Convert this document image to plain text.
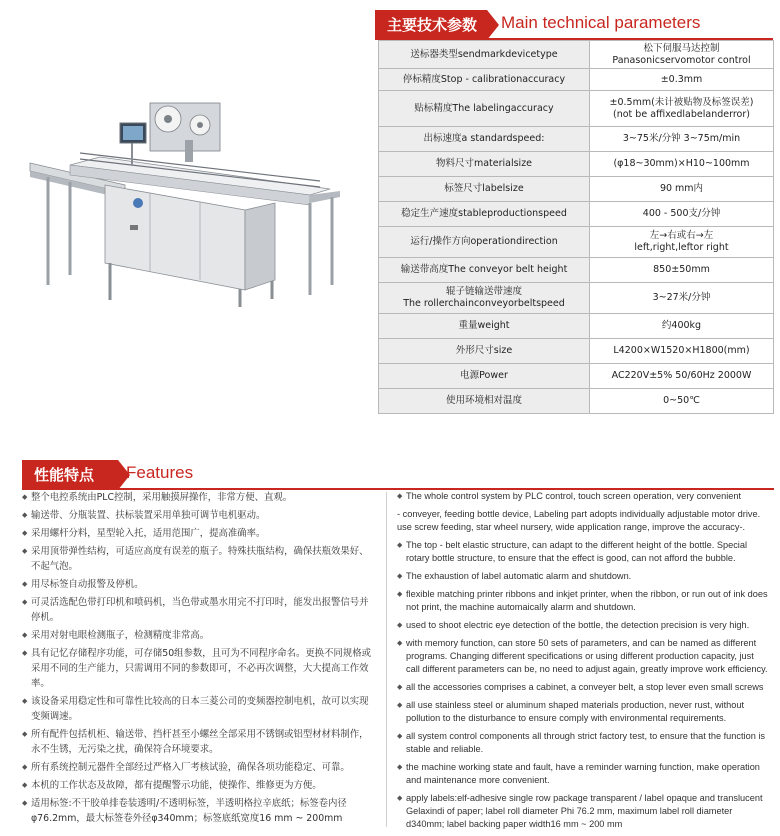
主要技术参数	Main technical parameters
送标器类型sendmarkdevicetype	松下伺服马达控制
Panasonicservomotor control
停标精度Stop - calibrationaccuracy	±0.3mm
贴标精度The labelingaccuracy	±0.5mm(未计被贴物及标签误差)
(not be affixedlabelanderror)
出标速度a standardspeed:	3~75米/分钟 3~75m/min
物料尺寸materialsize	(φ18~30mm)×H10~100mm
标签尺寸labelsize	90 mm内
稳定生产速度stableproductionspeed	400 - 500支/分钟
运行/操作方向operationdirection	左→右或右→左
left,right,leftor right
输送带高度The conveyor belt height	850±50mm
辊子链输送带速度
The rollerchainconveyorbeltspeed	3~27米/分钟
重量weight	约400kg
外形尺寸size	L4200×W1520×H1800(mm)
电源Power	AC220V±5% 50/60Hz 2000W
使用环境相对温度	0~50℃
性能特点	Features
◆ 整个电控系统由PLC控制，采用触摸屏操作，非常方便、直观。
◆ 输送带、分瓶装置、扶标装置采用单独可调节电机驱动。
◆ 采用螺杆分料，星型轮入托，适用范围广，提高准确率。
◆ 采用顶带弹性结构，可适应高度有误差的瓶子。特殊扶瓶结构，确保扶瓶效果好、不起气泡。
◆ 用尽标签自动报警及停机。
◆ 可灵活选配色带打印机和喷码机，当色带或墨水用完不打印时，能发出报警信号并停机。
◆ 采用对射电眼检测瓶子，检测精度非常高。
◆ 具有记忆存储程序功能，可存储50组参数，且可为不同程序命名。更换不同规格或采用不同的生产能力，只需调用不同的参数即可，不必再次调整，大大提高工作效率。
◆ 该设备采用稳定性和可靠性比较高的日本三菱公司的变频器控制电机，故可以实现变频调速。
◆ 所有配件包括机柜、输送带、挡杆甚至小螺丝全部采用不锈钢或铝型材材料制作，永不生锈，无污染之扰，确保符合环境要求。
◆ 所有系统控制元器件全部经过严格入厂考核试验，确保各项功能稳定、可靠。
◆ 本机的工作状态及故障，都有提醒警示功能，使操作、维修更为方便。
◆ 适用标签:不干胶单排卷装透明/不透明标签，半透明格拉辛底纸；标签卷内径φ76.2mm，最大标签卷外径φ340mm；标签底纸宽度16 mm ~ 200mm
◆ The whole control system by PLC control, touch screen operation, very convenient
- conveyer, feeding bottle device, Labeling part adopts individually adjustable motor drive. use screw feeding, star wheel nursery, wide application range, improve the accuracy-.
◆ The top - belt elastic structure, can adapt to the different height of the bottle. Special rotary bottle structure, to ensure that the effect is good, can not afford the bubble.
◆ The exhaustion of label automatic alarm and shutdown.
◆ flexible matching printer ribbons and inkjet printer, when the ribbon, or run out of ink does not print, the machine automaically alarm and shutdown.
◆ used to shoot electric eye detection of the bottle, the detection precision is very high.
◆ with memory function, can store 50 sets of parameters, and can be named as different programs. Changing different specifications or using different production capacity, just call different parameters can be, no need to adjust again, greatly improve work efficiency.
◆ all the accessories comprises a cabinet, a conveyer belt, a stop lever even small screws
◆ all use stainless steel or aluminum shaped materials production, never rust, without pollution to the disturbance to ensure comply with environmental requirements.
◆ all system control components all through strict factory test, to ensure that the function is stable and reliable.
◆ the machine working state and fault, have a reminder warning function, make operation and maintenance more convenient.
◆ apply labels:elf-adhesive single row package transparent / label opaque and translucent Gelaxindi of paper; label roll diameter Phi 76.2 mm, maximum label roll diameter d340mm; label backing paper width16 mm ~ 200 mm
